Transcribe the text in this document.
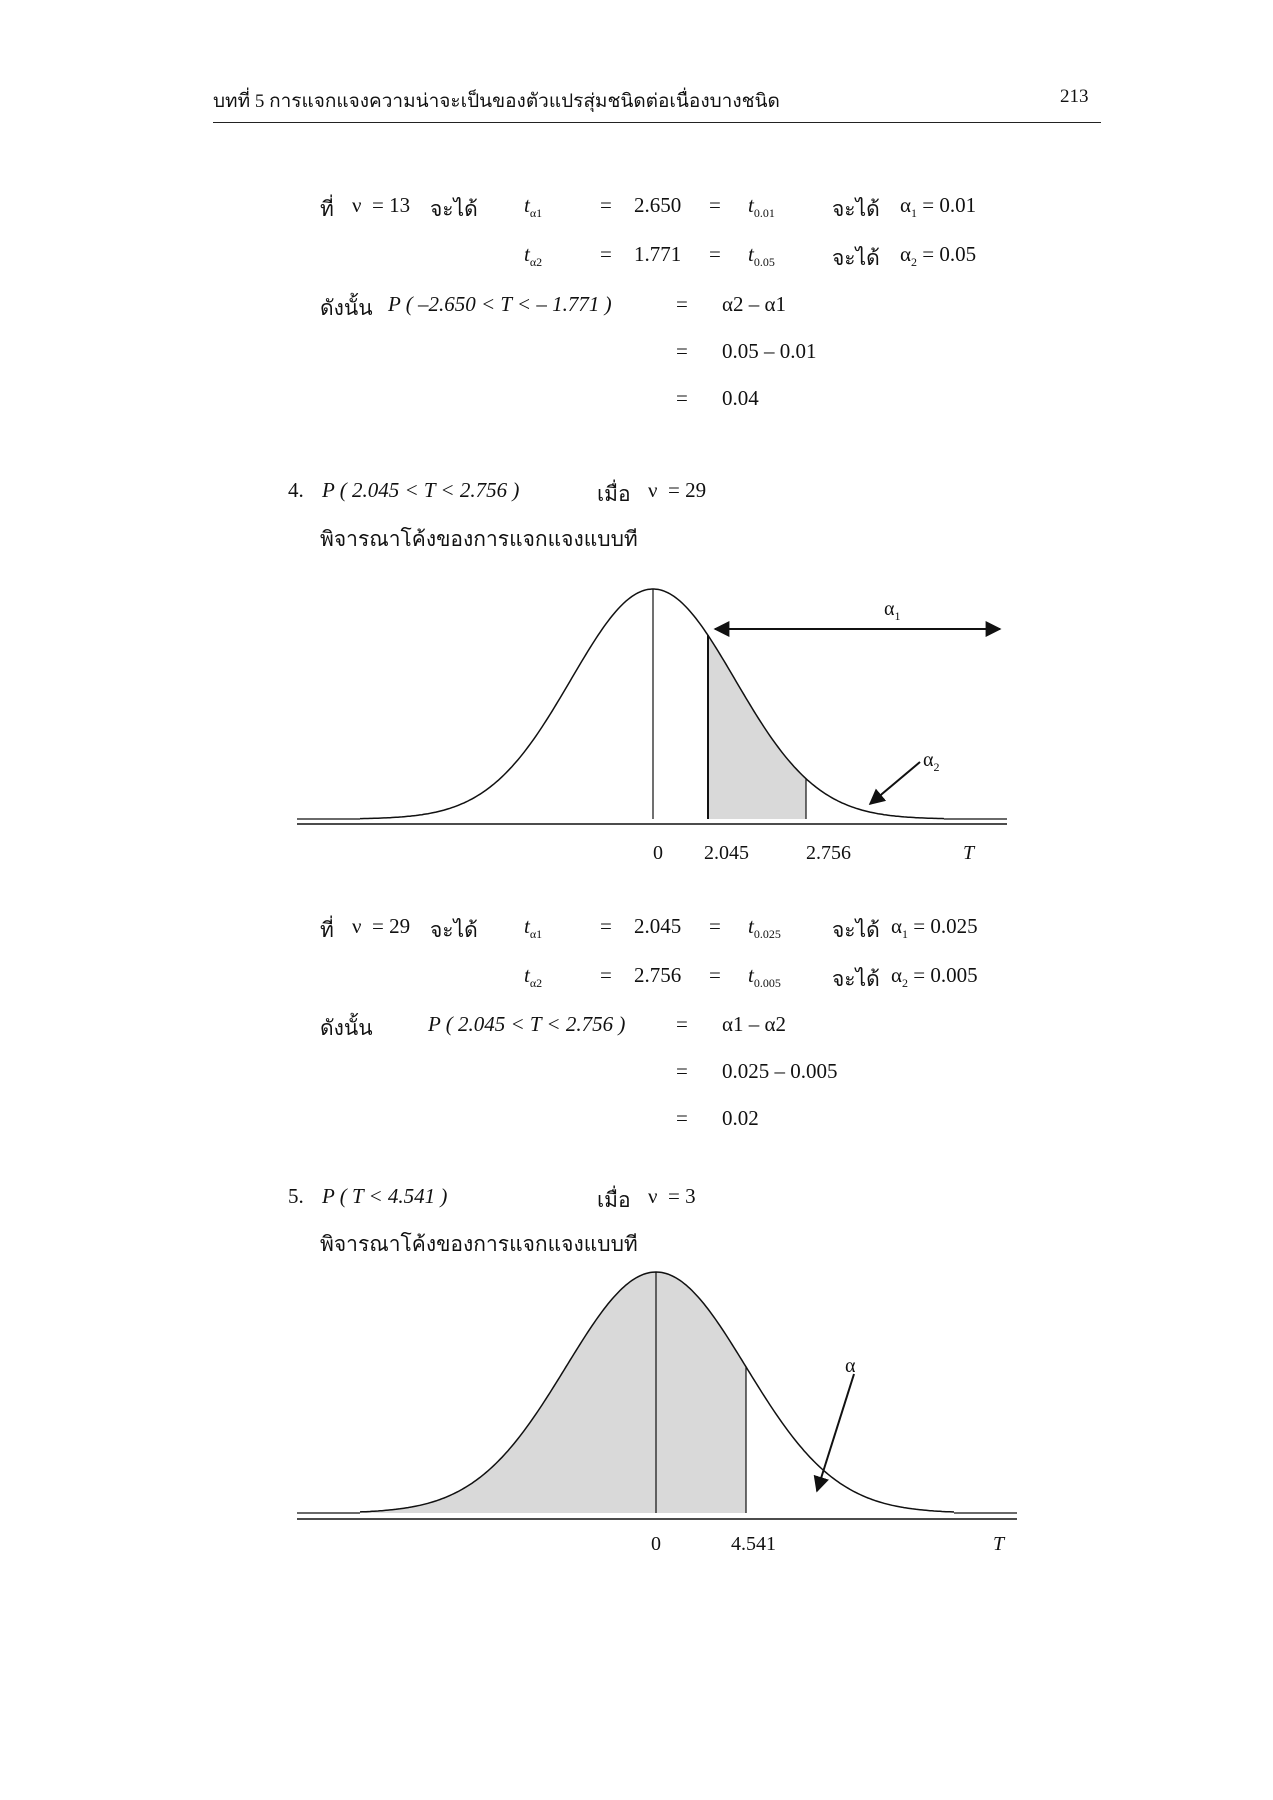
บทที่ 5 การแจกแจงความน่าจะเป็นของตัวแปรสุ่มชนิดต่อเนื่องบางชนิด	213
ที่ ν = 13 จะได้ $t_{\alpha 1}$	= $2.650 = t_{0.01}$	จะได้ $\alpha_1 = 0.01$
$t_{\alpha 2}$	= $1.771 = t_{0.05}$	จะได้ $\alpha_2 = 0.05$
ดังนั้น P ( –2.650 < T < – 1.771 )	= α2 – α1
= 0.05 – 0.01
= 0.04
4. P ( 2.045 < T < 2.756 )	เมื่อ ν = 29
พิจารณาโค้งของการแจกแจงแบบที
$\alpha_1$
$\alpha_2$
0 2.045	2.756	T
ที่ ν = 29 จะได้ $t_{\alpha 1}$	= $2.045 = t_{0.025}$ จะได้ $\alpha_1 = 0.025$
$t_{\alpha 2}$	= $2.756 = t_{0.005}$ จะได้ $\alpha_2 = 0.005$
ดังนั้น	P ( 2.045 < T < 2.756 ) = α1 – α2
= 0.025 – 0.005
= 0.02
5. P ( T < 4.541 )	เมื่อ ν = 3
พิจารณาโค้งของการแจกแจงแบบที
α
0	4.541	T
